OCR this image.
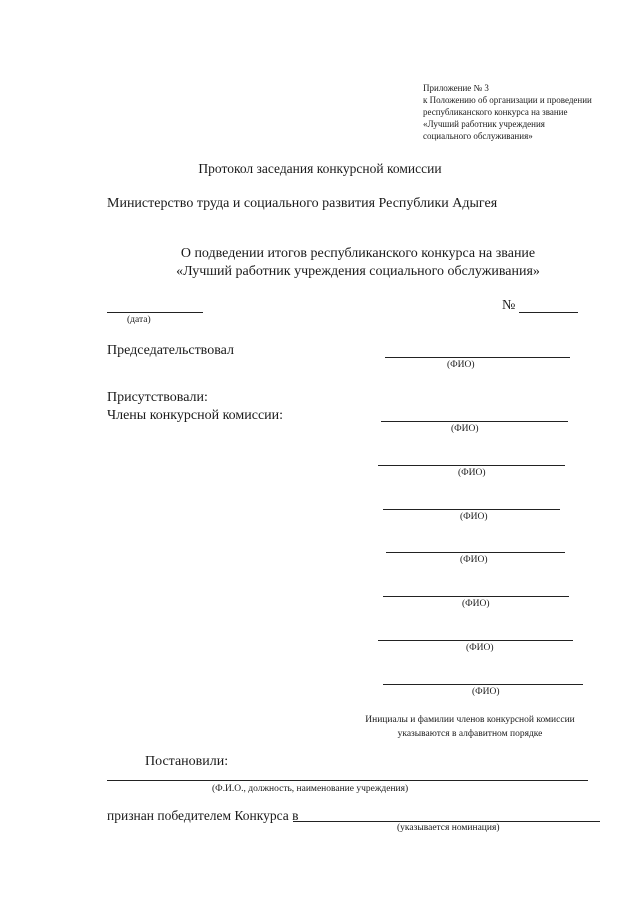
Приложение № 3
к Положению об организации и проведении
республиканского конкурса на звание
«Лучший работник учреждения
социального обслуживания»
Протокол заседания конкурсной комиссии
Министерство труда и социального развития Республики Адыгея
О подведении итогов республиканского конкурса на звание
«Лучший работник учреждения социального обслуживания»
(дата)
№
Председательствовал
(ФИО)
Присутствовали:
Члены конкурсной комиссии:
(ФИО)
(ФИО)
(ФИО)
(ФИО)
(ФИО)
(ФИО)
(ФИО)
Инициалы и фамилии членов конкурсной комиссии
указываются в алфавитном порядке
Постановили:
(Ф.И.О., должность, наименование учреждения)
признан победителем Конкурса в
(указывается номинация)
